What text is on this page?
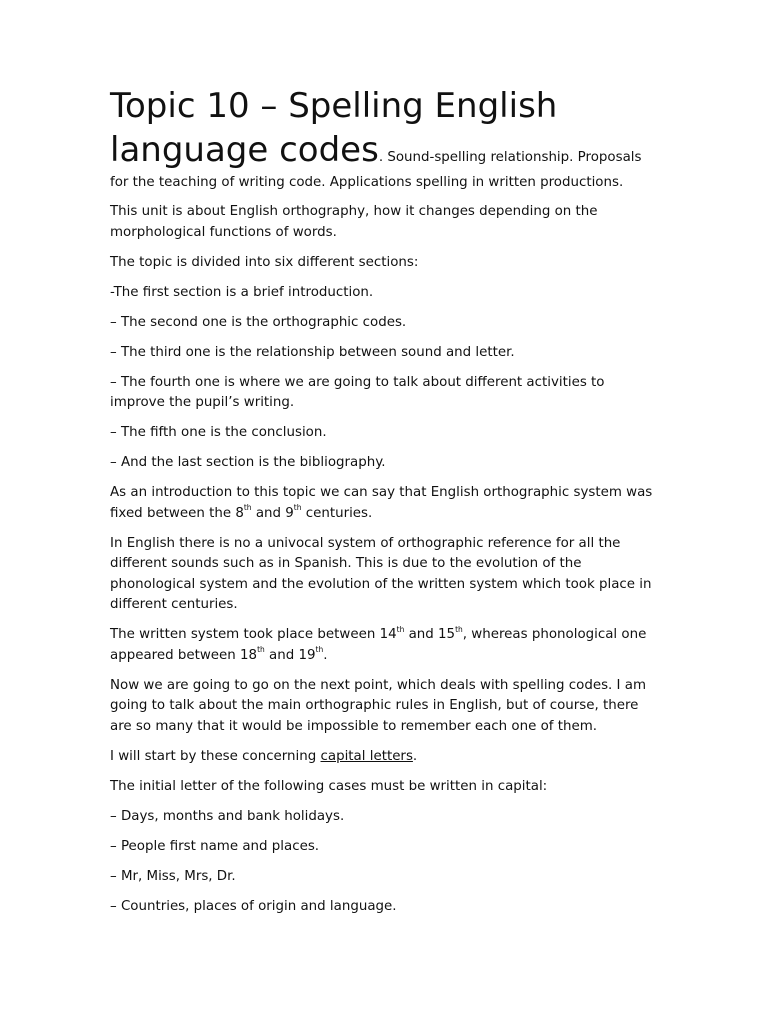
Topic 10 – Spelling English language codes. Sound-spelling relationship. Proposals for the teaching of writing code. Applications spelling in written productions.

This unit is about English orthography, how it changes depending on the morphological functions of words.

The topic is divided into six different sections:

-The first section is a brief introduction.

– The second one is the orthographic codes.

– The third one is the relationship between sound and letter.

– The fourth one is where we are going to talk about different activities to improve the pupil’s writing.

– The fifth one is the conclusion.

– And the last section is the bibliography.

As an introduction to this topic we can say that English orthographic system was fixed between the 8th and 9th centuries.

In English there is no a univocal system of orthographic reference for all the different sounds such as in Spanish. This is due to the evolution of the phonological system and the evolution of the written system which took place in different centuries.

The written system took place between 14th and 15th, whereas phonological one appeared between 18th and 19th.

Now we are going to go on the next point, which deals with spelling codes. I am going to talk about the main orthographic rules in English, but of course, there are so many that it would be impossible to remember each one of them.

I will start by these concerning capital letters.

The initial letter of the following cases must be written in capital:

– Days, months and bank holidays.

– People first name and places.

– Mr, Miss, Mrs, Dr.

– Countries, places of origin and language.
